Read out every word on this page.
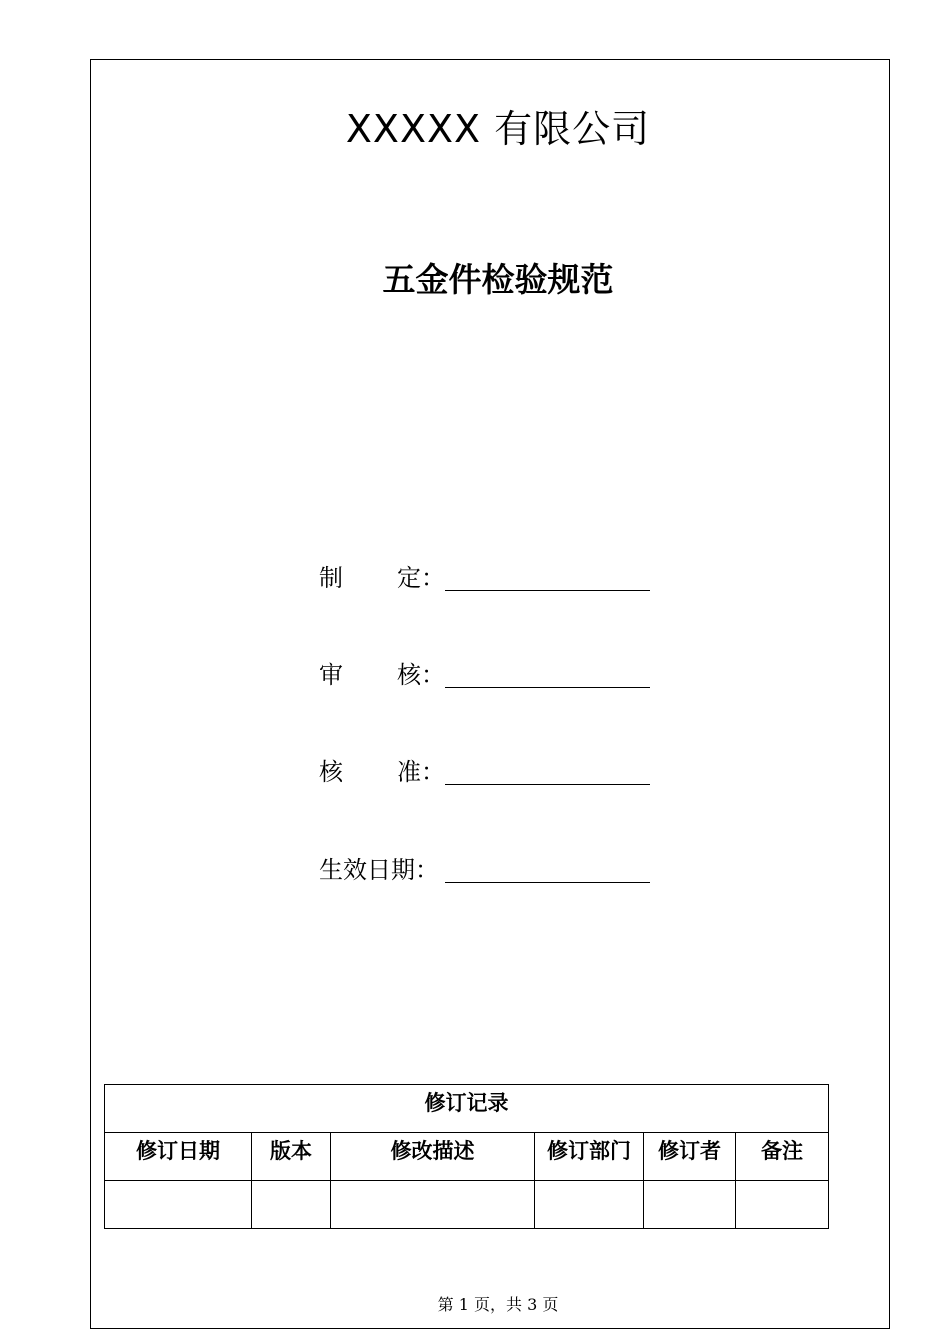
XXXXX 有限公司
五金件检验规范
制 定：
审 核：
核 准：
生效日期：
修订记录					

修订日期	版本	修改描述	修订部门	修订者	备注

第 1 页，共 3 页
